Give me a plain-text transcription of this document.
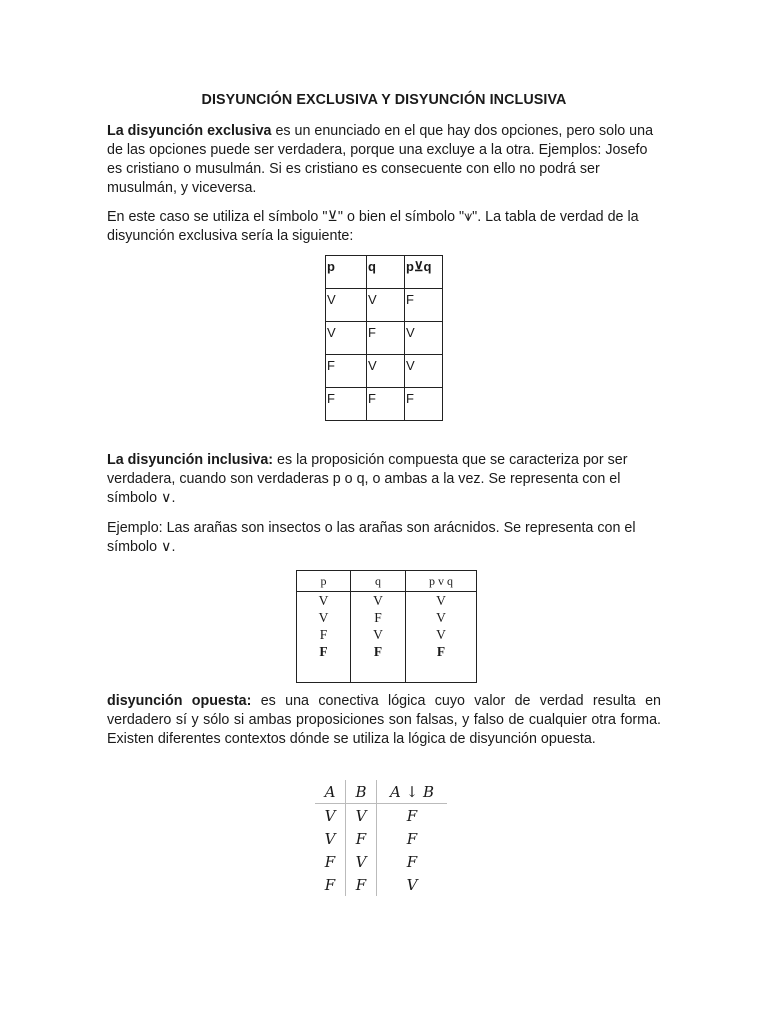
DISYUNCIÓN EXCLUSIVA Y DISYUNCIÓN INCLUSIVA

La disyunción exclusiva es un enunciado en el que hay dos opciones, pero solo una de las opciones puede ser verdadera, porque una excluye a la otra. Ejemplos: Josefo es cristiano o musulmán. Si es cristiano es consecuente con ello no podrá ser musulmán, y viceversa.

En este caso se utiliza el símbolo "⊻" o bien el símbolo "⩛". La tabla de verdad de la disyunción exclusiva sería la siguiente:

p	q	p⊻q
V	V	F
V	F	V
F	V	V
F	F	F

La disyunción inclusiva: es la proposición compuesta que se caracteriza por ser verdadera, cuando son verdaderas p o q, o ambas a la vez. Se representa con el símbolo ∨.

Ejemplo: Las arañas son insectos o las arañas son arácnidos. Se representa con el símbolo ∨.

p	q	p v q
V	V	V
V	F	V
F	V	V
F	F	F

disyunción opuesta: es una conectiva lógica cuyo valor de verdad resulta en verdadero sí y sólo si ambas proposiciones son falsas, y falso de cualquier otra forma. Existen diferentes contextos dónde se utiliza la lógica de disyunción opuesta.

A	B	A ↓ B
V	V	F
V	F	F
F	V	F
F	F	V
